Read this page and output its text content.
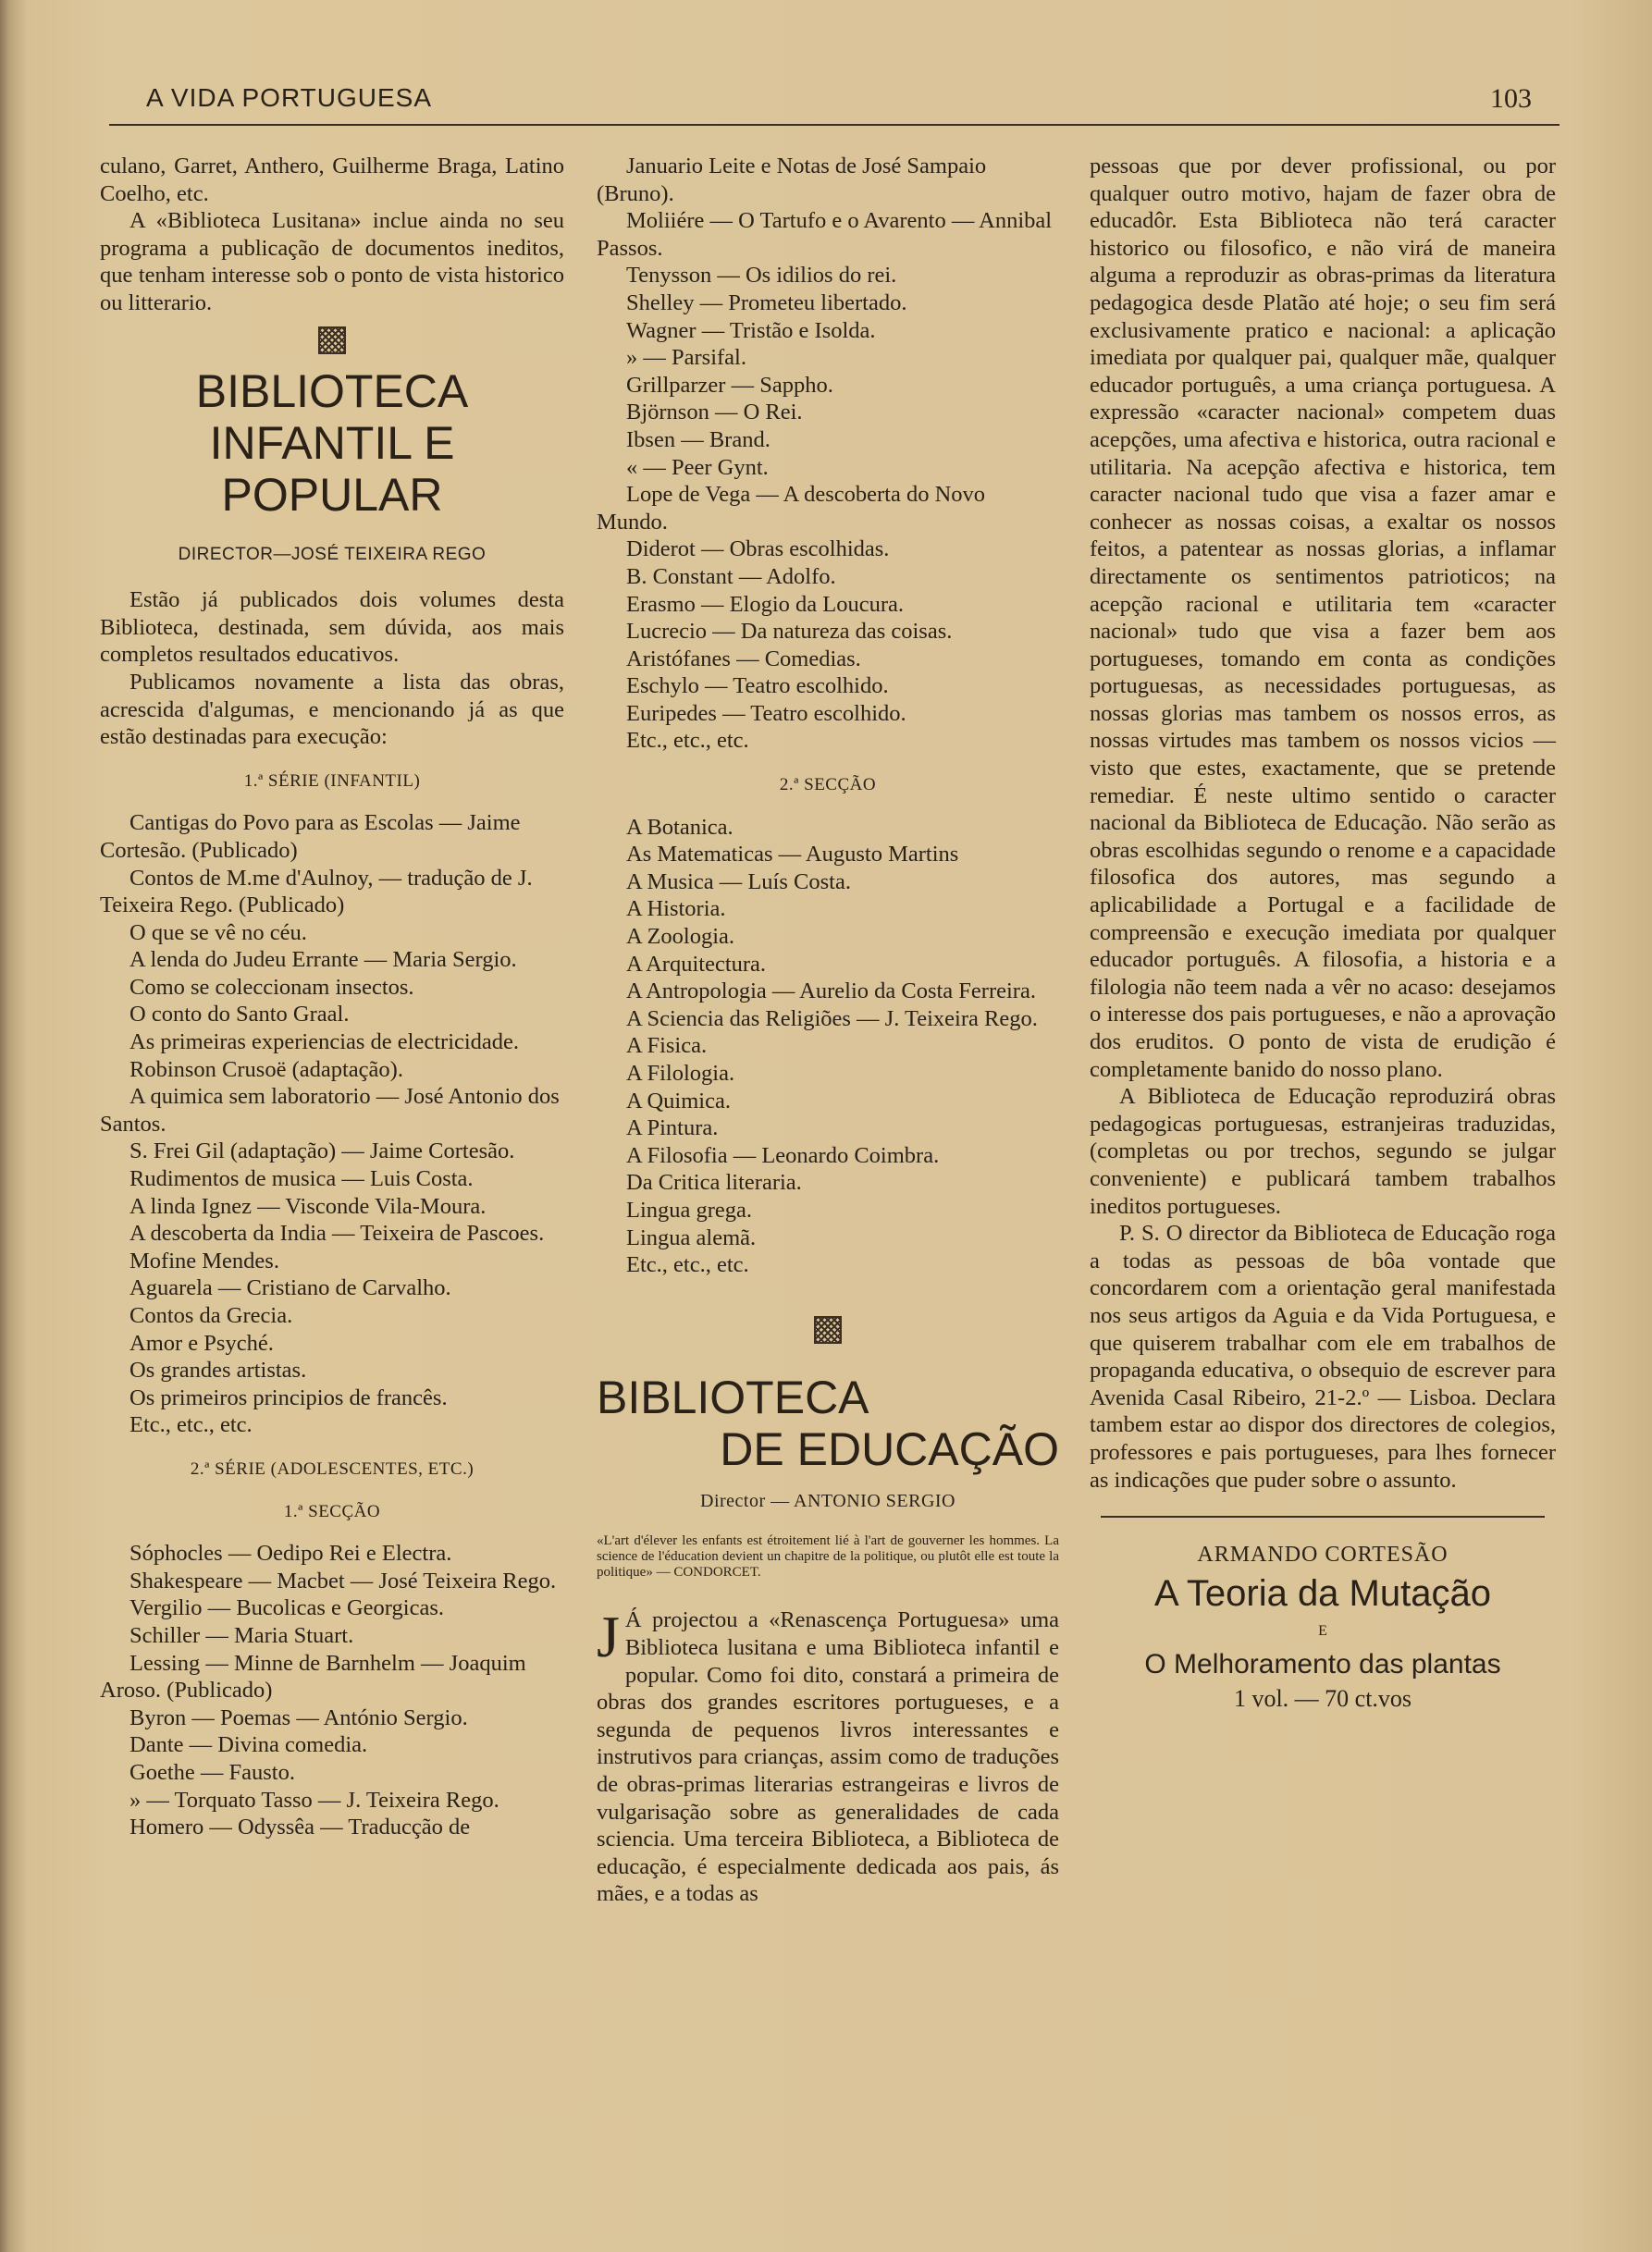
A VIDA PORTUGUESA	103

culano, Garret, Anthero, Guilherme Braga, Latino Coelho, etc.

A «Biblioteca Lusitana» inclue ainda no seu programa a publicação de documentos ineditos, que tenham interesse sob o ponto de vista historico ou litterario.

BIBLIOTECA
INFANTIL E POPULAR
DIRECTOR—JOSÉ TEIXEIRA REGO

Estão já publicados dois volumes desta Biblioteca, destinada, sem dúvida, aos mais completos resultados educativos.

Publicamos novamente a lista das obras, acrescida d'algumas, e mencionando já as que estão destinadas para execução:

1.ª SÉRIE (INFANTIL)

Cantigas do Povo para as Escolas — Jaime Cortesão. (Publicado)

Contos de M.me d'Aulnoy, — tradução de J. Teixeira Rego. (Publicado)

O que se vê no céu.

A lenda do Judeu Errante — Maria Sergio.

Como se coleccionam insectos.

O conto do Santo Graal.

As primeiras experiencias de electricidade.

Robinson Crusoë (adaptação).

A quimica sem laboratorio — José Antonio dos Santos.

S. Frei Gil (adaptação) — Jaime Cortesão.

Rudimentos de musica — Luis Costa.

A linda Ignez — Visconde Vila-Moura.

A descoberta da India — Teixeira de Pascoes.

Mofine Mendes.

Aguarela — Cristiano de Carvalho.

Contos da Grecia.

Amor e Psyché.

Os grandes artistas.

Os primeiros principios de francês.

Etc., etc., etc.

2.ª SÉRIE (ADOLESCENTES, ETC.)
1.ª SECÇÃO

Sóphocles — Oedipo Rei e Electra.

Shakespeare — Macbet — José Teixeira Rego.

Vergilio — Bucolicas e Georgicas.

Schiller — Maria Stuart.

Lessing — Minne de Barnhelm — Joaquim Aroso. (Publicado)

Byron — Poemas — António Sergio.

Dante — Divina comedia.

Goethe — Fausto.

» — Torquato Tasso — J. Teixeira Rego.

Homero — Odyssêa — Traducção de

Januario Leite e Notas de José Sampaio (Bruno).

Moliiére — O Tartufo e o Avarento — Annibal Passos.

Tenysson — Os idilios do rei.

Shelley — Prometeu libertado.

Wagner — Tristão e Isolda.

» — Parsifal.

Grillparzer — Sappho.

Björnson — O Rei.

Ibsen — Brand.

« — Peer Gynt.

Lope de Vega — A descoberta do Novo Mundo.

Diderot — Obras escolhidas.

B. Constant — Adolfo.

Erasmo — Elogio da Loucura.

Lucrecio — Da natureza das coisas.

Aristófanes — Comedias.

Eschylo — Teatro escolhido.

Euripedes — Teatro escolhido.

Etc., etc., etc.

2.ª SECÇÃO

A Botanica.

As Matematicas — Augusto Martins

A Musica — Luís Costa.

A Historia.

A Zoologia.

A Arquitectura.

A Antropologia — Aurelio da Costa Ferreira.

A Sciencia das Religiões — J. Teixeira Rego.

A Fisica.

A Filologia.

A Quimica.

A Pintura.

A Filosofia — Leonardo Coimbra.

Da Critica literaria.

Lingua grega.

Lingua alemã.

Etc., etc., etc.

BIBLIOTECA
DE EDUCAÇÃO
Director — ANTONIO SERGIO

«L'art d'élever les enfants est étroitement lié à l'art de gouverner les hommes. La science de l'éducation devient un chapitre de la politique, ou plutôt elle est toute la politique» — CONDORCET.

J Á projectou a «Renascença Portuguesa» uma Biblioteca lusitana e uma Biblioteca infantil e popular. Como foi dito, constará a primeira de obras dos grandes escritores portugueses, e a segunda de pequenos livros interessantes e instrutivos para crianças, assim como de traduções de obras-primas literarias estrangeiras e livros de vulgarisação sobre as generalidades de cada sciencia. Uma terceira Biblioteca, a Biblioteca de educação, é especialmente dedicada aos pais, ás mães, e a todas as

pessoas que por dever profissional, ou por qualquer outro motivo, hajam de fazer obra de educadôr. Esta Biblioteca não terá caracter historico ou filosofico, e não virá de maneira alguma a reproduzir as obras-primas da literatura pedagogica desde Platão até hoje; o seu fim será exclusivamente pratico e nacional: a aplicação imediata por qualquer pai, qualquer mãe, qualquer educador português, a uma criança portuguesa. A expressão «caracter nacional» competem duas acepções, uma afectiva e historica, outra racional e utilitaria. Na acepção afectiva e historica, tem caracter nacional tudo que visa a fazer amar e conhecer as nossas coisas, a exaltar os nossos feitos, a patentear as nossas glorias, a inflamar directamente os sentimentos patrioticos; na acepção racional e utilitaria tem «caracter nacional» tudo que visa a fazer bem aos portugueses, tomando em conta as condições portuguesas, as necessidades portuguesas, as nossas glorias mas tambem os nossos erros, as nossas virtudes mas tambem os nossos vicios — visto que estes, exactamente, que se pretende remediar. É neste ultimo sentido o caracter nacional da Biblioteca de Educação. Não serão as obras escolhidas segundo o renome e a capacidade filosofica dos autores, mas segundo a aplicabilidade a Portugal e a facilidade de compreensão e execução imediata por qualquer educador português. A filosofia, a historia e a filologia não teem nada a vêr no acaso: desejamos o interesse dos pais portugueses, e não a aprovação dos eruditos. O ponto de vista de erudição é completamente banido do nosso plano.

A Biblioteca de Educação reproduzirá obras pedagogicas portuguesas, estranjeiras traduzidas, (completas ou por trechos, segundo se julgar conveniente) e publicará tambem trabalhos ineditos portugueses.

P. S. O director da Biblioteca de Educação roga a todas as pessoas de bôa vontade que concordarem com a orientação geral manifestada nos seus artigos da Aguia e da Vida Portuguesa, e que quiserem trabalhar com ele em trabalhos de propaganda educativa, o obsequio de escrever para Avenida Casal Ribeiro, 21-2.º — Lisboa. Declara tambem estar ao dispor dos directores de colegios, professores e pais portugueses, para lhes fornecer as indicações que puder sobre o assunto.

ARMANDO CORTESÃO
A Teoria da Mutação
E
O Melhoramento das plantas
1 vol. — 70 ct.vos
